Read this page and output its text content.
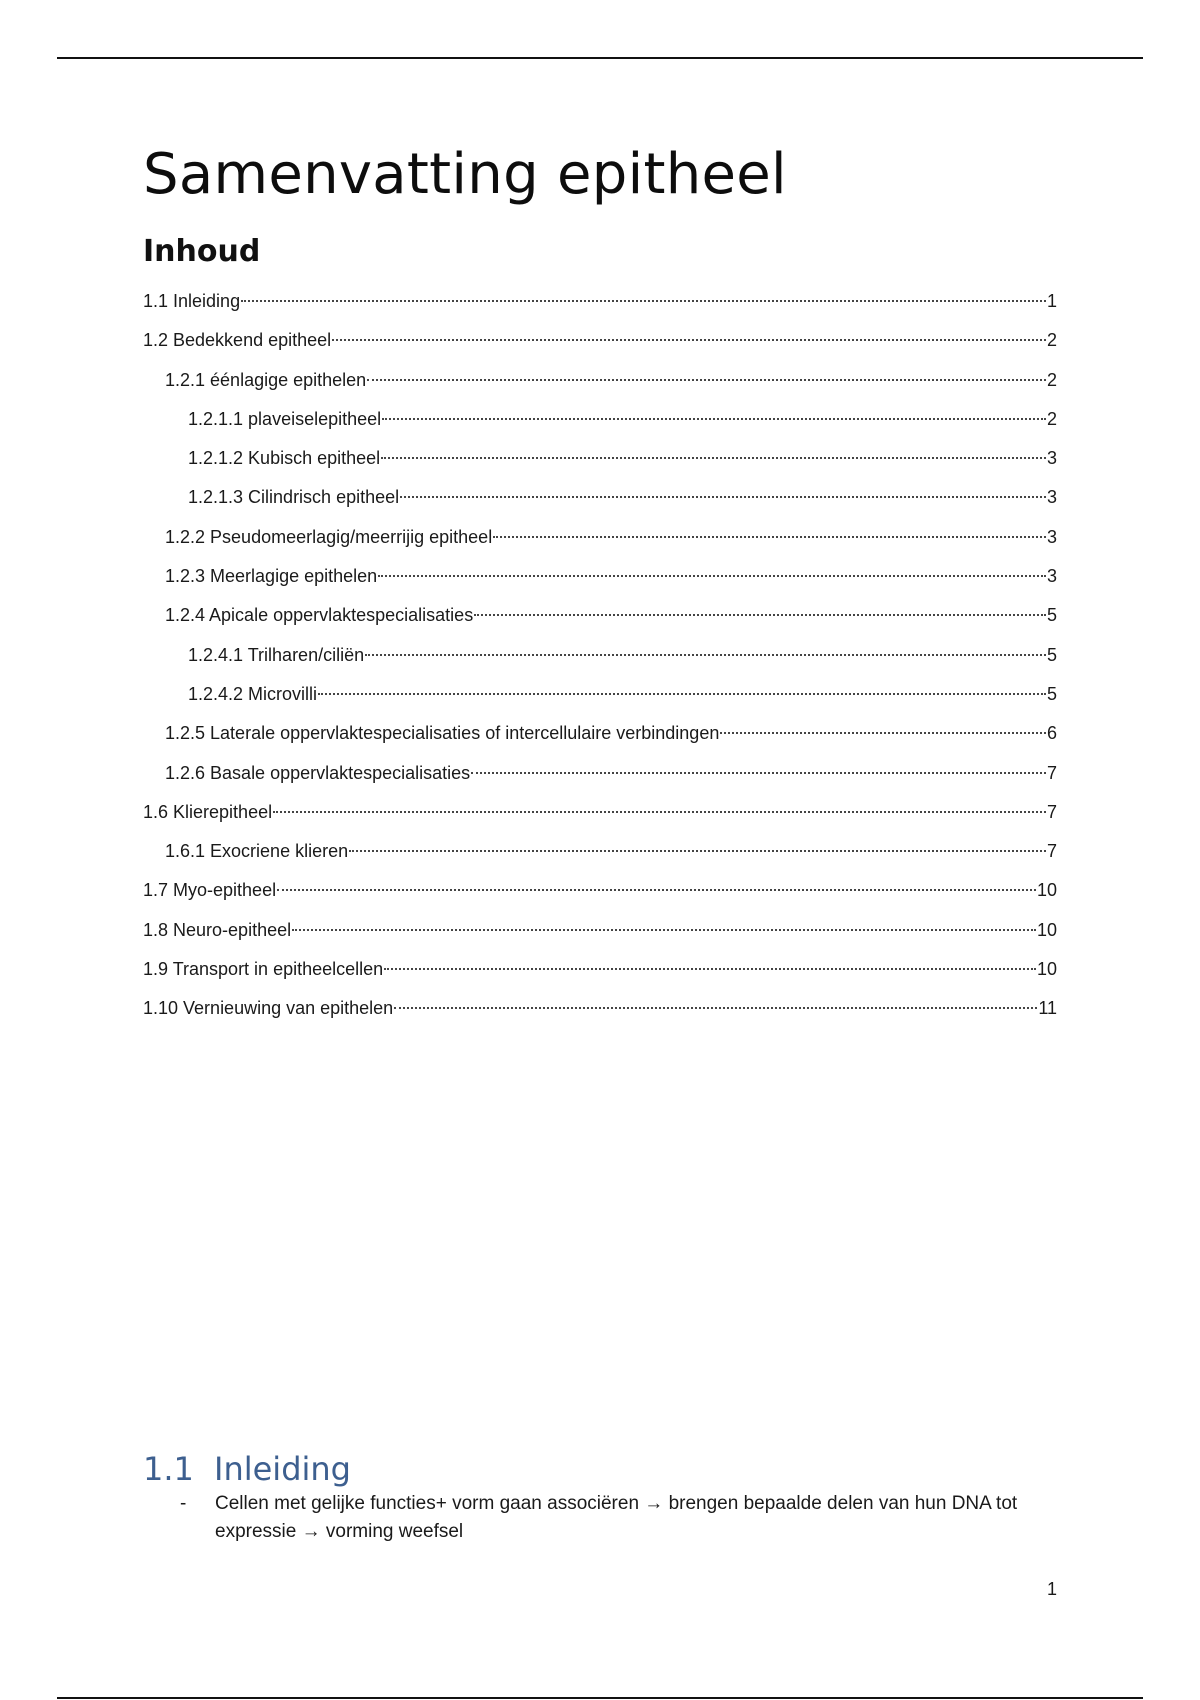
Samenvatting epitheel
Inhoud
1.1 Inleiding	1
1.2 Bedekkend epitheel	2
1.2.1 éénlagige epithelen	2
1.2.1.1 plaveiselepitheel	2
1.2.1.2 Kubisch epitheel	3
1.2.1.3 Cilindrisch epitheel	3
1.2.2 Pseudomeerlagig/meerrijig epitheel	3
1.2.3 Meerlagige epithelen	3
1.2.4 Apicale oppervlaktespecialisaties	5
1.2.4.1 Trilharen/ciliën	5
1.2.4.2 Microvilli	5
1.2.5 Laterale oppervlaktespecialisaties of intercellulaire verbindingen	6
1.2.6 Basale oppervlaktespecialisaties	7
1.6 Klierepitheel	7
1.6.1 Exocriene klieren	7
1.7 Myo-epitheel	10
1.8 Neuro-epitheel	10
1.9 Transport in epitheelcellen	10
1.10 Vernieuwing van epithelen	11
1.1 Inleiding
- Cellen met gelijke functies+ vorm gaan associëren → brengen bepaalde delen van hun DNA tot expressie → vorming weefsel
1
